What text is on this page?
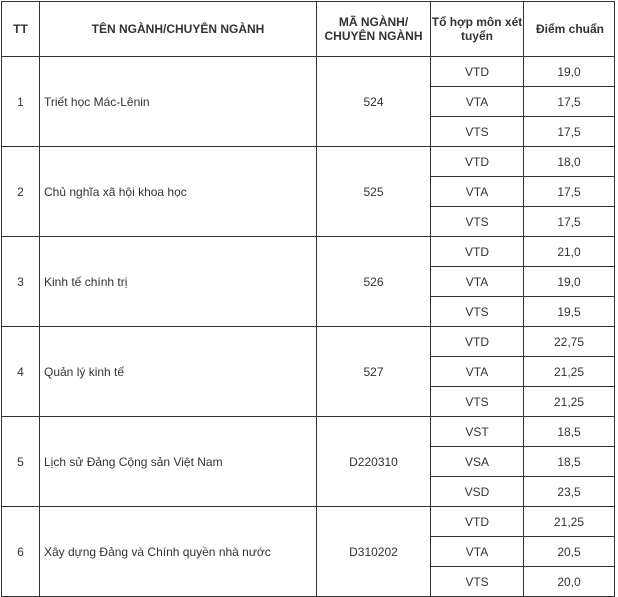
TT	TÊN NGÀNH/CHUYÊN NGÀNH	MÃ NGÀNH/ CHUYÊN NGÀNH	Tổ hợp môn xét tuyển	Điểm chuẩn
1	Triết học Mác-Lênin	524	VTD	19,0
			VTA	17,5
			VTS	17,5
2	Chủ nghĩa xã hội khoa học	525	VTD	18,0
			VTA	17,5
			VTS	17,5
3	Kinh tế chính trị	526	VTD	21,0
			VTA	19,0
			VTS	19,5
4	Quản lý kinh tế	527	VTD	22,75
			VTA	21,25
			VTS	21,25
5	Lịch sử Đảng Cộng sản Việt Nam	D220310	VST	18,5
			VSA	18,5
			VSD	23,5
6	Xây dựng Đảng và Chính quyền nhà nước	D310202	VTD	21,25
			VTA	20,5
			VTS	20,0
